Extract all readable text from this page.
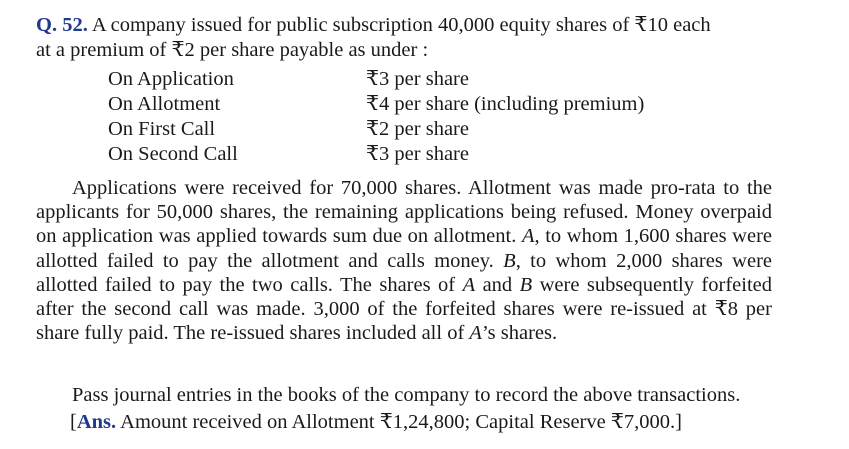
Q. 52. A company issued for public subscription 40,000 equity shares of ₹10 each
at a premium of ₹2 per share payable as under :
On Application	₹3 per share
On Allotment	₹4 per share (including premium)
On First Call	₹2 per share
On Second Call	₹3 per share

Applications were received for 70,000 shares. Allotment was made pro-rata to the applicants for 50,000 shares, the remaining applications being refused. Money overpaid on application was applied towards sum due on allotment. A, to whom 1,600 shares were allotted failed to pay the allotment and calls money. B, to whom 2,000 shares were allotted failed to pay the two calls. The shares of A and B were subsequently forfeited after the second call was made. 3,000 of the forfeited shares were re-issued at ₹8 per share fully paid. The re-issued shares included all of A’s shares.

Pass journal entries in the books of the company to record the above transactions.
[Ans. Amount received on Allotment ₹1,24,800; Capital Reserve ₹7,000.]
